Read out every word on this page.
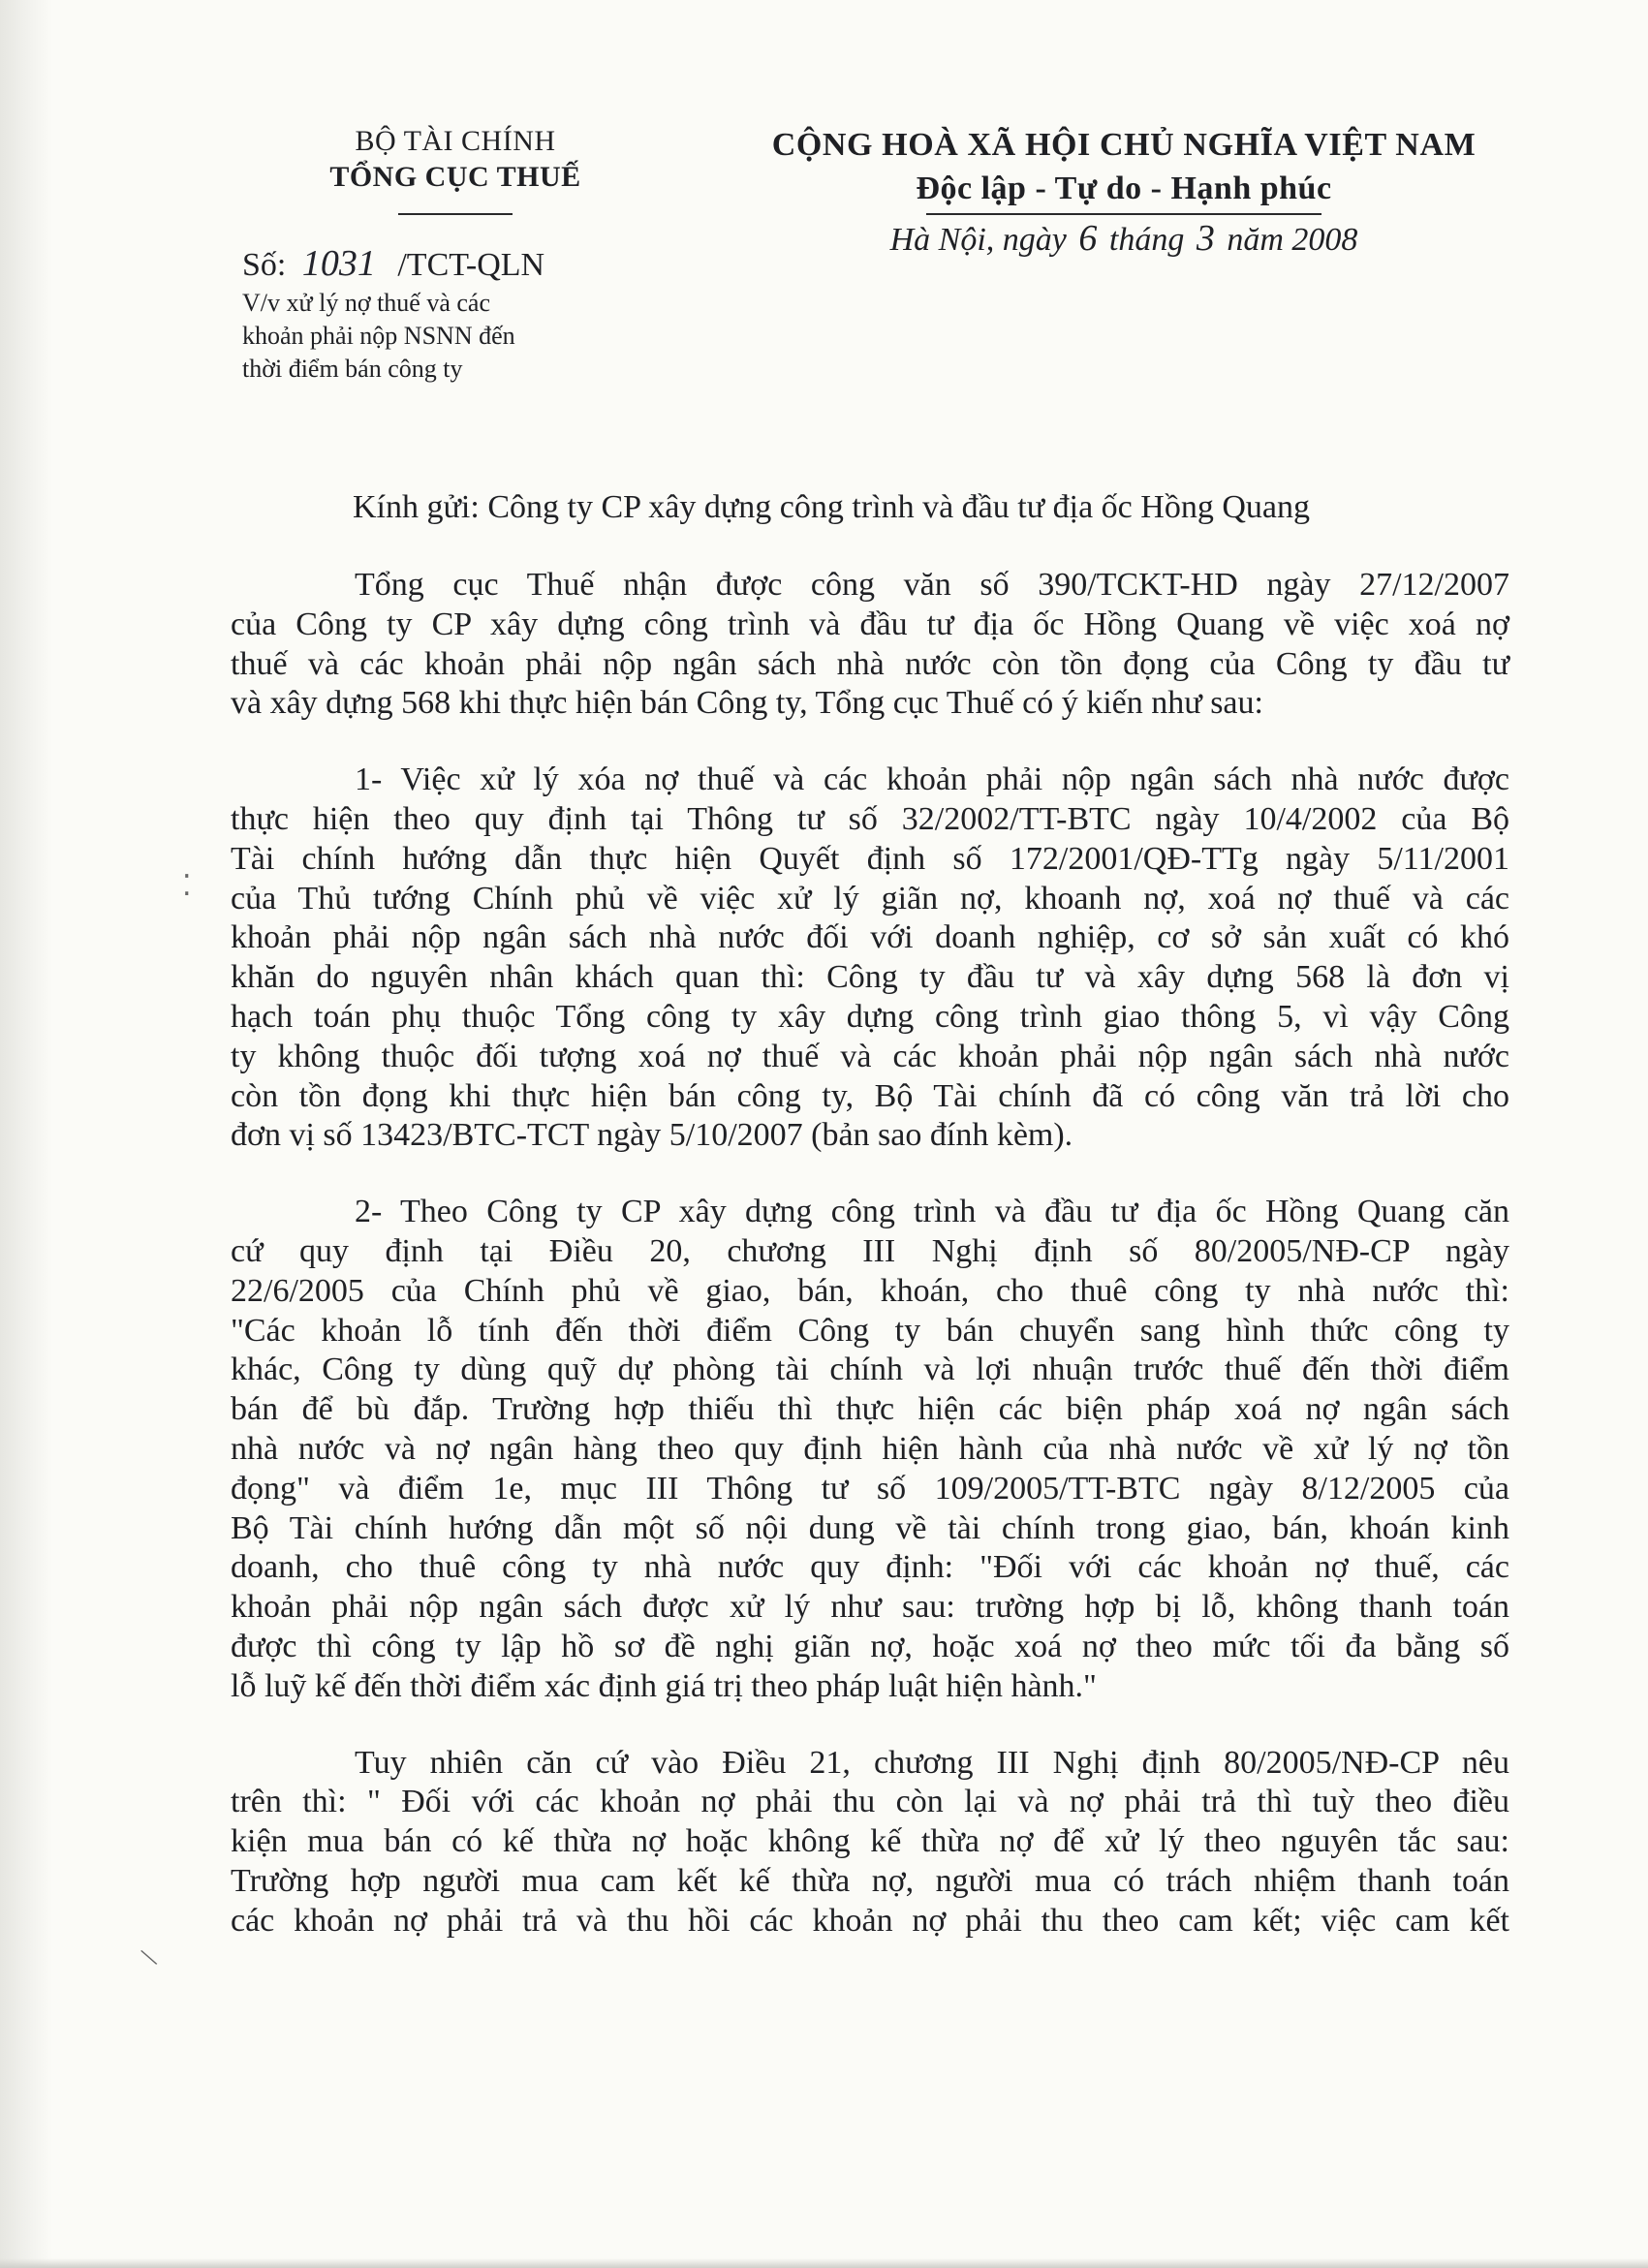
⁚
\
BỘ TÀI CHÍNH
TỔNG CỤC THUẾ
Số: 1031 /TCT-QLN
V/v xử lý nợ thuế và các
khoản phải nộp NSNN đến
thời điểm bán công ty
CỘNG HOÀ XÃ HỘI CHỦ NGHĨA VIỆT NAM
Độc lập - Tự do - Hạnh phúc
Hà Nội, ngày 6 tháng 3 năm 2008
Kính gửi: Công ty CP xây dựng công trình và đầu tư địa ốc Hồng Quang
Tổng cục Thuế nhận được công văn số 390/TCKT-HD ngày 27/12/2007
của Công ty CP xây dựng công trình và đầu tư địa ốc Hồng Quang về việc xoá nợ
thuế và các khoản phải nộp ngân sách nhà nước còn tồn đọng của Công ty đầu tư
và xây dựng 568 khi thực hiện bán Công ty, Tổng cục Thuế có ý kiến như sau:
1- Việc xử lý xóa nợ thuế và các khoản phải nộp ngân sách nhà nước được
thực hiện theo quy định tại Thông tư số 32/2002/TT-BTC ngày 10/4/2002 của Bộ
Tài chính hướng dẫn thực hiện Quyết định số 172/2001/QĐ-TTg ngày 5/11/2001
của Thủ tướng Chính phủ về việc xử lý giãn nợ, khoanh nợ, xoá nợ thuế và các
khoản phải nộp ngân sách nhà nước đối với doanh nghiệp, cơ sở sản xuất có khó
khăn do nguyên nhân khách quan thì: Công ty đầu tư và xây dựng 568 là đơn vị
hạch toán phụ thuộc Tổng công ty xây dựng công trình giao thông 5, vì vậy Công
ty không thuộc đối tượng xoá nợ thuế và các khoản phải nộp ngân sách nhà nước
còn tồn đọng khi thực hiện bán công ty, Bộ Tài chính đã có công văn trả lời cho
đơn vị số 13423/BTC-TCT ngày 5/10/2007 (bản sao đính kèm).
2- Theo Công ty CP xây dựng công trình và đầu tư địa ốc Hồng Quang căn
cứ quy định tại Điều 20, chương III Nghị định số 80/2005/NĐ-CP ngày
22/6/2005 của Chính phủ về giao, bán, khoán, cho thuê công ty nhà nước thì:
"Các khoản lỗ tính đến thời điểm Công ty bán chuyển sang hình thức công ty
khác, Công ty dùng quỹ dự phòng tài chính và lợi nhuận trước thuế đến thời điểm
bán để bù đắp. Trường hợp thiếu thì thực hiện các biện pháp xoá nợ ngân sách
nhà nước và nợ ngân hàng theo quy định hiện hành của nhà nước về xử lý nợ tồn
đọng" và điểm 1e, mục III Thông tư số 109/2005/TT-BTC ngày 8/12/2005 của
Bộ Tài chính hướng dẫn một số nội dung về tài chính trong giao, bán, khoán kinh
doanh, cho thuê công ty nhà nước quy định: "Đối với các khoản nợ thuế, các
khoản phải nộp ngân sách được xử lý như sau: trường hợp bị lỗ, không thanh toán
được thì công ty lập hồ sơ đề nghị giãn nợ, hoặc xoá nợ theo mức tối đa bằng số
lỗ luỹ kế đến thời điểm xác định giá trị theo pháp luật hiện hành."
Tuy nhiên căn cứ vào Điều 21, chương III Nghị định 80/2005/NĐ-CP nêu
trên thì: " Đối với các khoản nợ phải thu còn lại và nợ phải trả thì tuỳ theo điều
kiện mua bán có kế thừa nợ hoặc không kế thừa nợ để xử lý theo nguyên tắc sau:
Trường hợp người mua cam kết kế thừa nợ, người mua có trách nhiệm thanh toán
các khoản nợ phải trả và thu hồi các khoản nợ phải thu theo cam kết; việc cam kết
